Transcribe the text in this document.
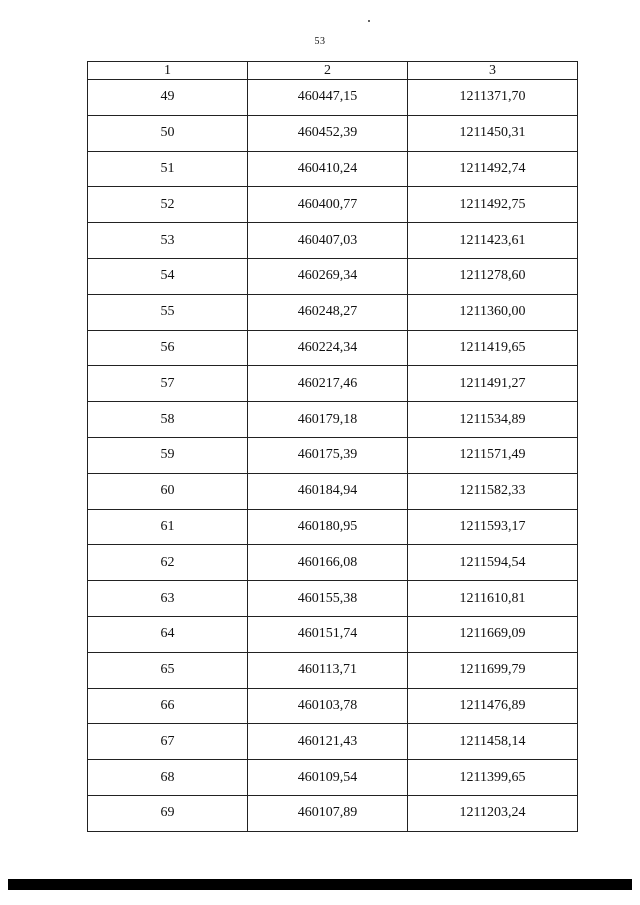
53
1	2	3
49	460447,15	1211371,70
50	460452,39	1211450,31
51	460410,24	1211492,74
52	460400,77	1211492,75
53	460407,03	1211423,61
54	460269,34	1211278,60
55	460248,27	1211360,00
56	460224,34	1211419,65
57	460217,46	1211491,27
58	460179,18	1211534,89
59	460175,39	1211571,49
60	460184,94	1211582,33
61	460180,95	1211593,17
62	460166,08	1211594,54
63	460155,38	1211610,81
64	460151,74	1211669,09
65	460113,71	1211699,79
66	460103,78	1211476,89
67	460121,43	1211458,14
68	460109,54	1211399,65
69	460107,89	1211203,24
